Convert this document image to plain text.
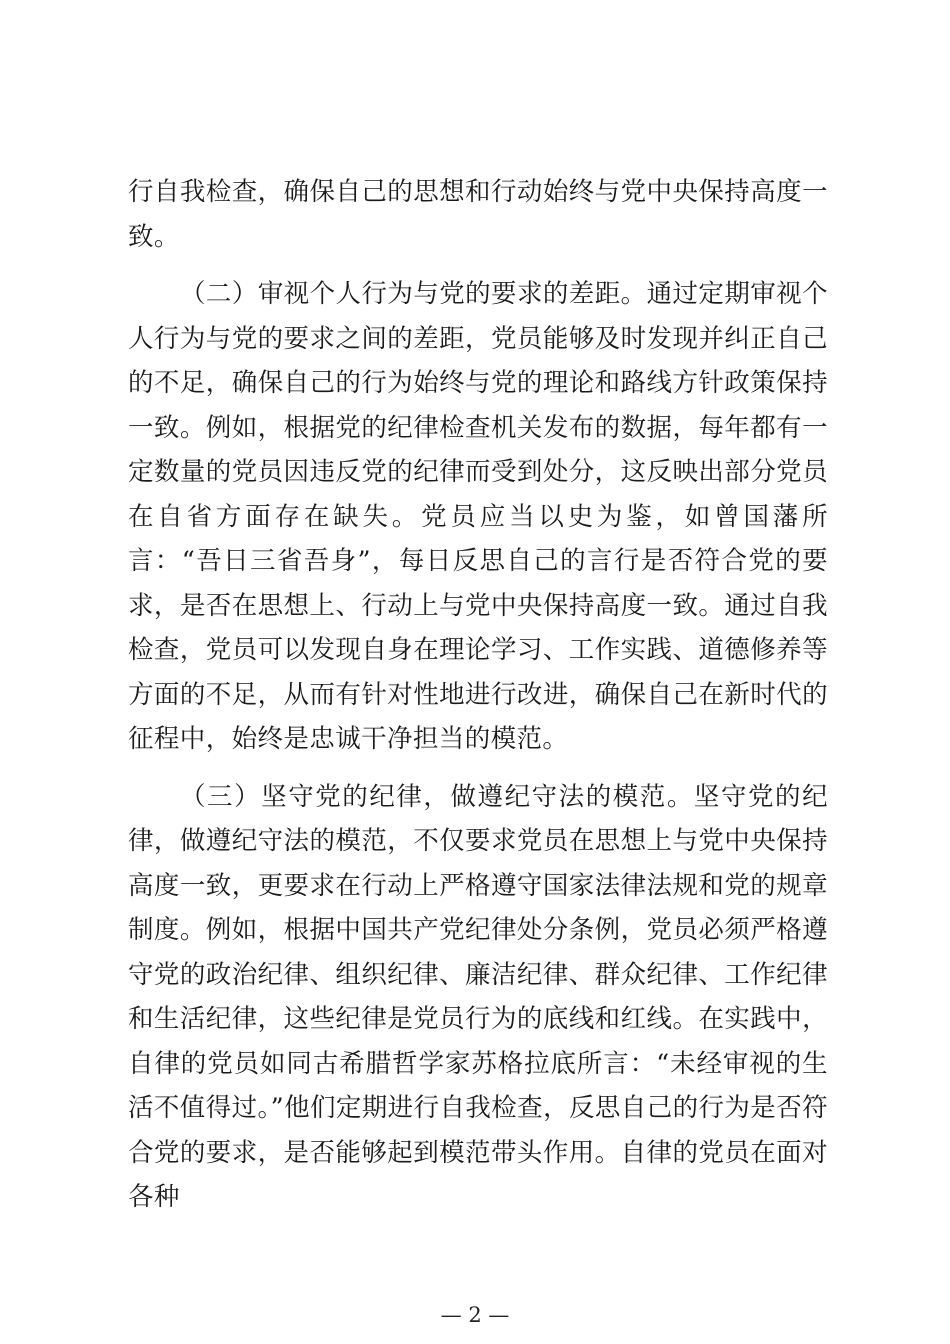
行自我检查，确保自己的思想和行动始终与党中央保持高度一致。

（二）审视个人行为与党的要求的差距。通过定期审视个人行为与党的要求之间的差距，党员能够及时发现并纠正自己的不足，确保自己的行为始终与党的理论和路线方针政策保持一致。例如，根据党的纪律检查机关发布的数据，每年都有一定数量的党员因违反党的纪律而受到处分，这反映出部分党员在自省方面存在缺失。党员应当以史为鉴，如曾国藩所言：“吾日三省吾身”，每日反思自己的言行是否符合党的要求，是否在思想上、行动上与党中央保持高度一致。通过自我检查，党员可以发现自身在理论学习、工作实践、道德修养等方面的不足，从而有针对性地进行改进，确保自己在新时代的征程中，始终是忠诚干净担当的模范。

（三）坚守党的纪律，做遵纪守法的模范。坚守党的纪律，做遵纪守法的模范，不仅要求党员在思想上与党中央保持高度一致，更要求在行动上严格遵守国家法律法规和党的规章制度。例如，根据中国共产党纪律处分条例，党员必须严格遵守党的政治纪律、组织纪律、廉洁纪律、群众纪律、工作纪律和生活纪律，这些纪律是党员行为的底线和红线。在实践中，自律的党员如同古希腊哲学家苏格拉底所言：“未经审视的生活不值得过。”他们定期进行自我检查，反思自己的行为是否符合党的要求，是否能够起到模范带头作用。自律的党员在面对各种

— 2 —
